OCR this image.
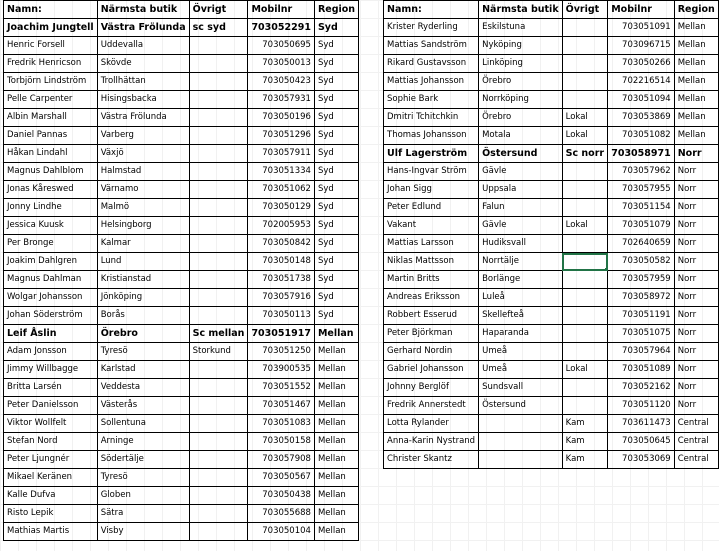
Namn:	Närmsta butik	Övrigt	Mobilnr	Region
Joachim Jungtell	Västra Frölunda	sc syd	703052291	Syd
Henric Forsell	Uddevalla		703050695	Syd
Fredrik Henricson	Skövde		703050013	Syd
Torbjörn Lindström	Trollhättan		703050423	Syd
Pelle Carpenter	Hisingsbacka		703057931	Syd
Albin Marshall	Västra Frölunda		703050196	Syd
Daniel Pannas	Varberg		703051296	Syd
Håkan Lindahl	Växjö		703057911	Syd
Magnus Dahlblom	Halmstad		703051334	Syd
Jonas Kåreswed	Värnamo		703051062	Syd
Jonny Lindhe	Malmö		703050129	Syd
Jessica Kuusk	Helsingborg		702005953	Syd
Per Bronge	Kalmar		703050842	Syd
Joakim Dahlgren	Lund		703050148	Syd
Magnus Dahlman	Kristianstad		703051738	Syd
Wolgar Johansson	Jönköping		703057916	Syd
Johan Söderström	Borås		703050113	Syd
Leif Åslin	Örebro	Sc mellan	703051917	Mellan
Adam Jonsson	Tyresö	Storkund	703051250	Mellan
Jimmy Willbagge	Karlstad		703900535	Mellan
Britta Larsén	Veddesta		703051552	Mellan
Peter Danielsson	Västerås		703051467	Mellan
Viktor Wollfelt	Sollentuna		703051083	Mellan
Stefan Nord	Arninge		703050158	Mellan
Peter Ljungnér	Södertälje		703057908	Mellan
Mikael Keränen	Tyresö		703050567	Mellan
Kalle Dufva	Globen		703050438	Mellan
Risto Lepik	Sätra		703055688	Mellan
Mathias Martis	Visby		703050104	Mellan
Namn:	Närmsta butik	Övrigt	Mobilnr	Region
Krister Ryderling	Eskilstuna		703051091	Mellan
Mattias Sandström	Nyköping		703096715	Mellan
Rikard Gustavsson	Linköping		703050266	Mellan
Mattias Johansson	Örebro		702216514	Mellan
Sophie Bark	Norrköping		703051094	Mellan
Dmitri Tchitchkin	Örebro	Lokal	703053869	Mellan
Thomas Johansson	Motala	Lokal	703051082	Mellan
Ulf Lagerström	Östersund	Sc norr	703058971	Norr
Hans-Ingvar Ström	Gävle		703057962	Norr
Johan Sigg	Uppsala		703057955	Norr
Peter Edlund	Falun		703051154	Norr
Vakant	Gävle	Lokal	703051079	Norr
Mattias Larsson	Hudiksvall		702640659	Norr
Niklas Mattsson	Norrtälje		703050582	Norr
Martin Britts	Borlänge		703057959	Norr
Andreas Eriksson	Luleå		703058972	Norr
Robbert Esserud	Skellefteå		703051191	Norr
Peter Björkman	Haparanda		703051075	Norr
Gerhard Nordin	Umeå		703057964	Norr
Gabriel Johansson	Umeå	Lokal	703051089	Norr
Johnny Berglöf	Sundsvall		703052162	Norr
Fredrik Annerstedt	Östersund		703051120	Norr
Lotta Rylander		Kam	703611473	Central
Anna-Karin Nystrand		Kam	703050645	Central
Christer Skantz		Kam	703053069	Central
